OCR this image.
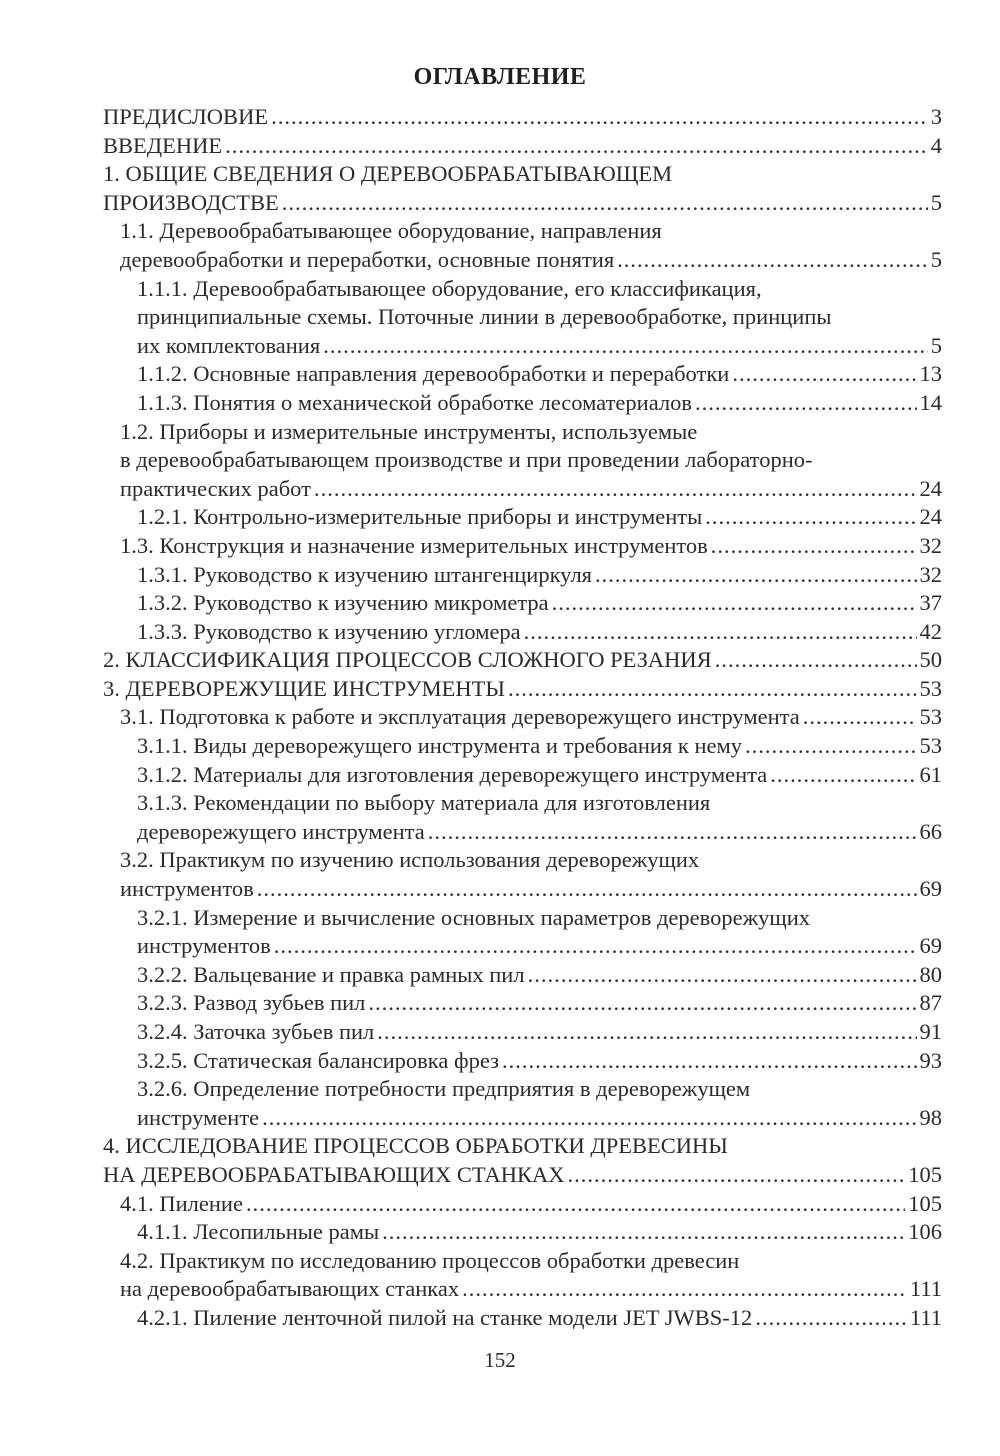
ОГЛАВЛЕНИЕ
ПРЕДИСЛОВИЕ .....	3
ВВЕДЕНИЕ .....	4
1. ОБЩИЕ СВЕДЕНИЯ О ДЕРЕВООБРАБАТЫВАЮЩЕМ
ПРОИЗВОДСТВЕ .....	5
1.1. Деревообрабатывающее оборудование, направления
деревообработки и переработки, основные понятия .....	5
1.1.1. Деревообрабатывающее оборудование, его классификация,
принципиальные схемы. Поточные линии в деревообработке, принципы
их комплектования .....	5
1.1.2. Основные направления деревообработки и переработки .....	13
1.1.3. Понятия о механической обработке лесоматериалов .....	14
1.2. Приборы и измерительные инструменты, используемые
в деревообрабатывающем производстве и при проведении лабораторно-
практических работ .....	24
1.2.1. Контрольно-измерительные приборы и инструменты .....	24
1.3. Конструкция и назначение измерительных инструментов .....	32
1.3.1. Руководство к изучению штангенциркуля .....	32
1.3.2. Руководство к изучению микрометра .....	37
1.3.3. Руководство к изучению угломера .....	42
2. КЛАССИФИКАЦИЯ ПРОЦЕССОВ СЛОЖНОГО РЕЗАНИЯ .....	50
3. ДЕРЕВОРЕЖУЩИЕ ИНСТРУМЕНТЫ .....	53
3.1. Подготовка к работе и эксплуатация дереворежущего инструмента .....	53
3.1.1. Виды дереворежущего инструмента и требования к нему .....	53
3.1.2. Материалы для изготовления дереворежущего инструмента .....	61
3.1.3. Рекомендации по выбору материала для изготовления
дереворежущего инструмента .....	66
3.2. Практикум по изучению использования дереворежущих
инструментов .....	69
3.2.1. Измерение и вычисление основных параметров дереворежущих
инструментов .....	69
3.2.2. Вальцевание и правка рамных пил .....	80
3.2.3. Развод зубьев пил .....	87
3.2.4. Заточка зубьев пил .....	91
3.2.5. Статическая балансировка фрез .....	93
3.2.6. Определение потребности предприятия в дереворежущем
инструменте .....	98
4. ИССЛЕДОВАНИЕ ПРОЦЕССОВ ОБРАБОТКИ ДРЕВЕСИНЫ
НА ДЕРЕВООБРАБАТЫВАЮЩИХ СТАНКАХ .....	105
4.1. Пиление .....	105
4.1.1. Лесопильные рамы .....	106
4.2. Практикум по исследованию процессов обработки древесин
на деревообрабатывающих станках .....	111
4.2.1. Пиление ленточной пилой на станке модели JET JWBS-12 .....	111
152
